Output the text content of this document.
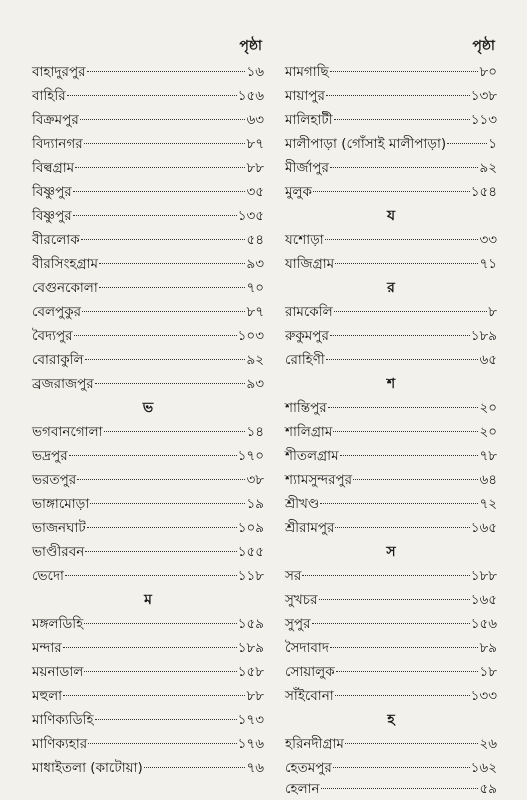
পৃষ্ঠা
বাহাদুরপুর	১৬
বাহিরি	১৫৬
বিক্রমপুর	৬৩
বিদ্যানগর	৮৭
বিল্বগ্রাম	৮৮
বিষ্ণুপুর	৩৫
বিষ্ণুপুর	১৩৫
বীরলোক	৫৪
বীরসিংহগ্রাম	৯৩
বেগুনকোলা	৭০
বেলপুকুর	৮৭
বৈদ্যপুর	১০৩
বোরাকুলি	৯২
ব্রজরাজপুর	৯৩
ভ
ভগবানগোলা	১৪
ভদ্রপুর	১৭০
ভরতপুর	৩৮
ভাঙ্গামোড়া	১৯
ভাজনঘাট	১০৯
ভাণ্ডীরবন	১৫৫
ভেদো	১১৮
ম
মঙ্গলডিহি	১৫৯
মন্দার	১৮৯
ময়নাডাল	১৫৮
মহুলা	৮৮
মাণিক্যডিহি	১৭৩
মাণিক্যহার	১৭৬
মাধাইতলা (কাটোয়া)	৭৬
পৃষ্ঠা
মামগাছি	৮০
মায়াপুর	১৩৮
মালিহাটী	১১৩
মালীপাড়া (গোঁসাই মালীপাড়া)	১
মীর্জাপুর	৯২
মুলুক	১৫৪
য
যশোড়া	৩৩
যাজিগ্রাম	৭১
র
রামকেলি	৮
রুকুমপুর	১৮৯
রোহিণী	৬৫
শ
শান্তিপুর	২০
শালিগ্রাম	২০
শীতলগ্রাম	৭৮
শ্যামসুন্দরপুর	৬৪
শ্রীখণ্ড	৭২
শ্রীরামপুর	১৬৫
স
সর	১৮৮
সুখচর	১৬৫
সুপুর	১৫৬
সৈদাবাদ	৮৯
সোয়ালুক	১৮
সাঁইবোনা	১৩৩
হ
হরিনদীগ্রাম	২৬
হেতমপুর	১৬২
হেলান	৫৯
